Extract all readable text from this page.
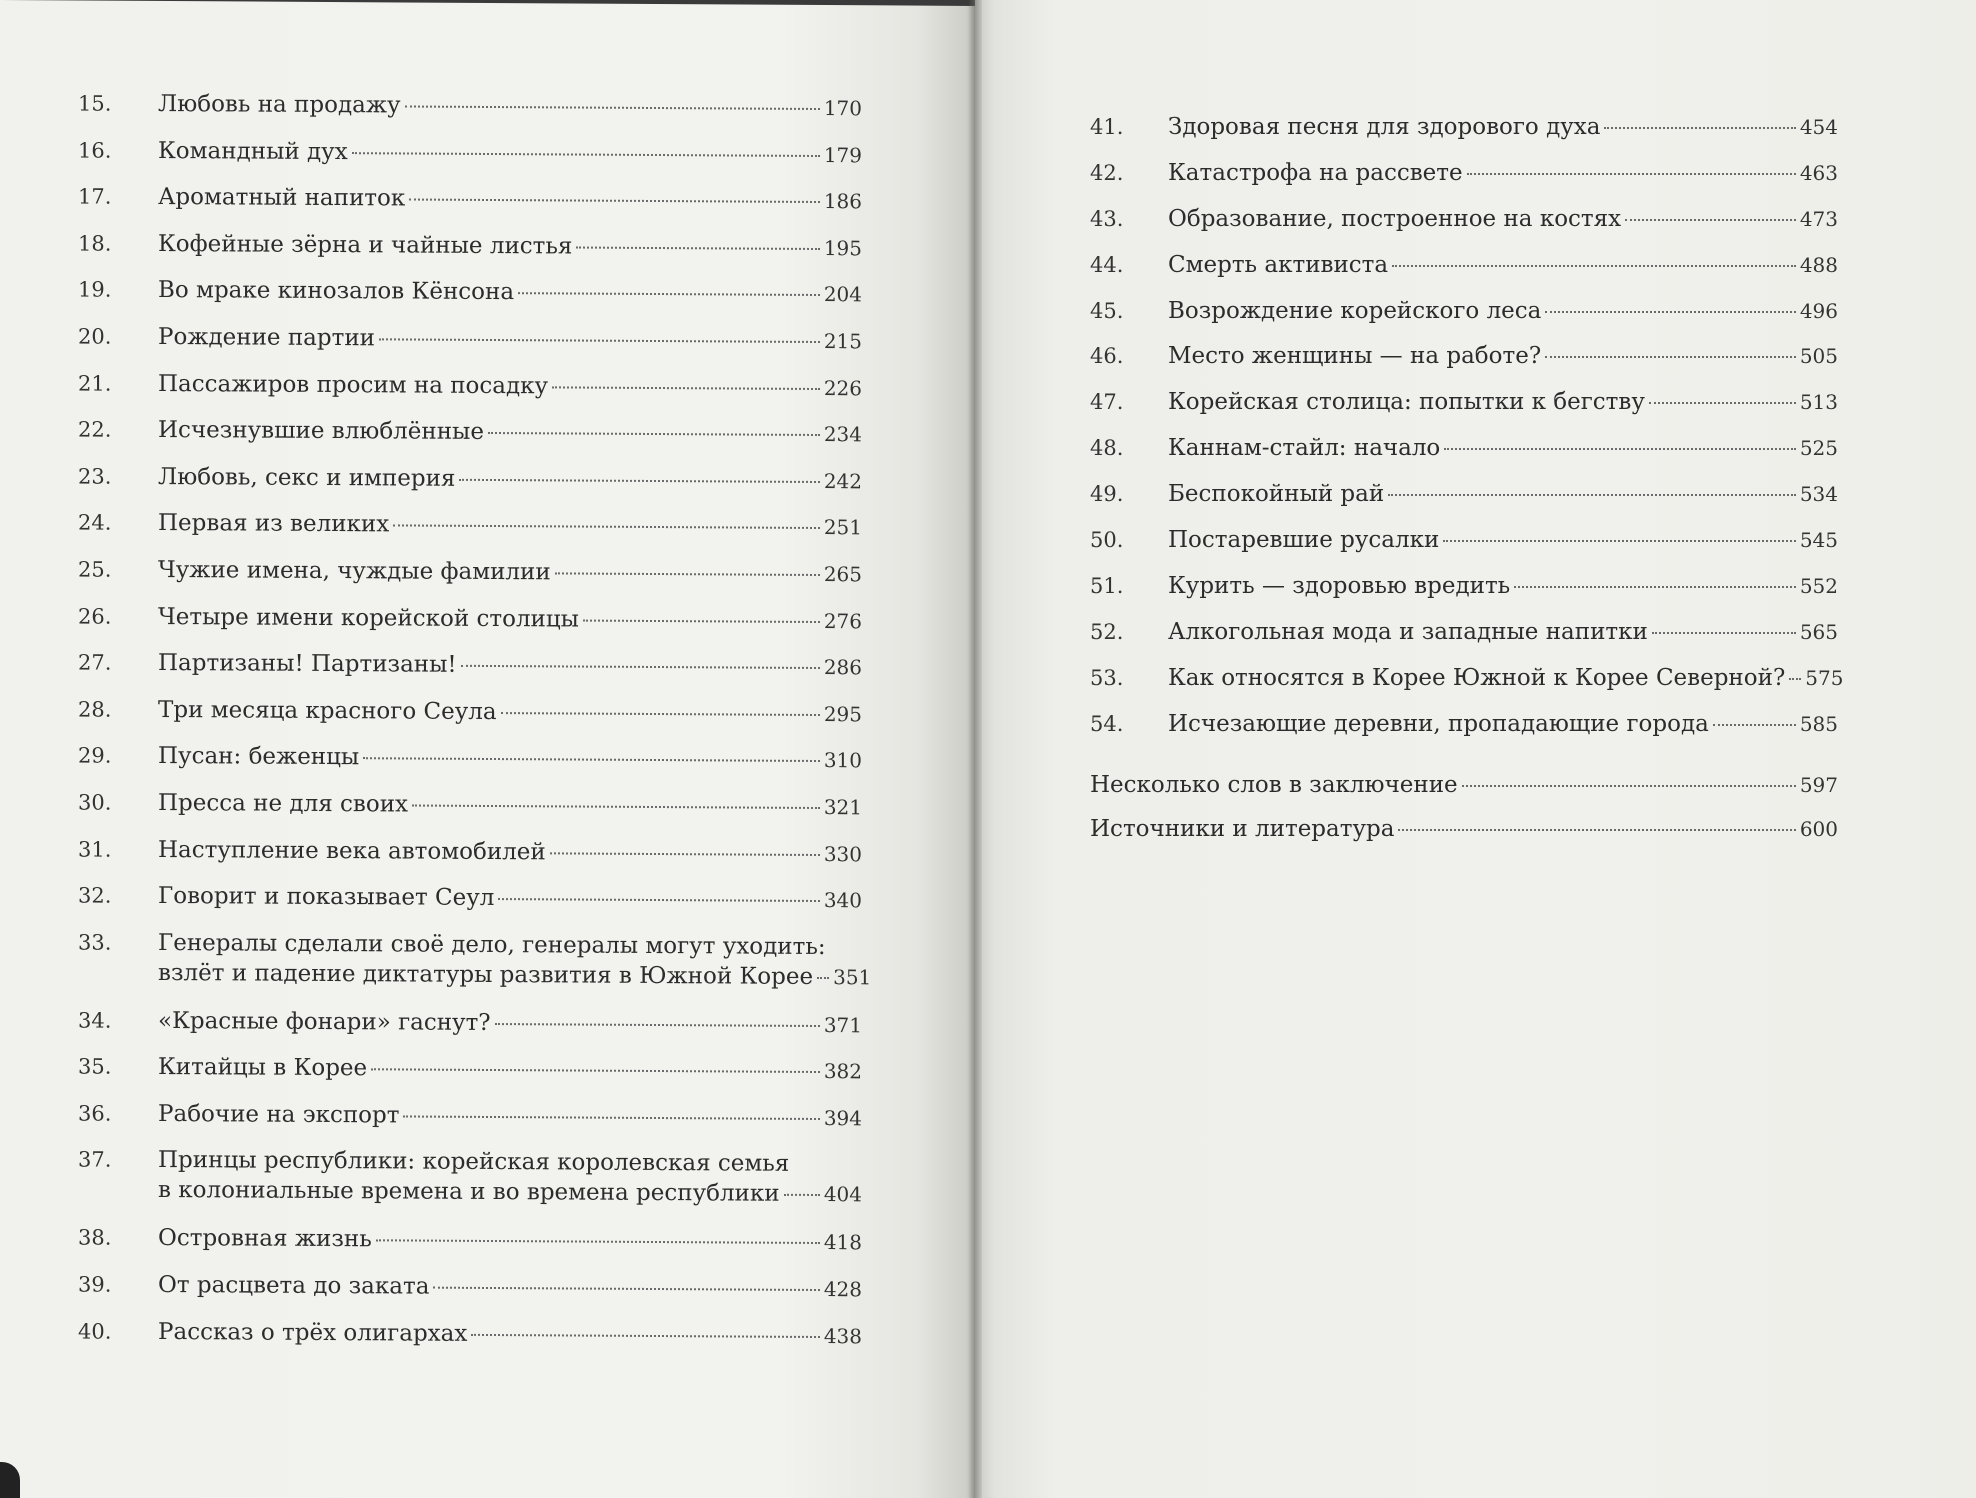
15.	Любовь на продажу	170
16.	Командный дух	179
17.	Ароматный напиток	186
18.	Кофейные зёрна и чайные листья	195
19.	Во мраке кинозалов Кёнсона	204
20.	Рождение партии	215
21.	Пассажиров просим на посадку	226
22.	Исчезнувшие влюблённые	234
23.	Любовь, секс и империя	242
24.	Первая из великих	251
25.	Чужие имена, чуждые фамилии	265
26.	Четыре имени корейской столицы	276
27.	Партизаны! Партизаны!	286
28.	Три месяца красного Сеула	295
29.	Пусан: беженцы	310
30.	Пресса не для своих	321
31.	Наступление века автомобилей	330
32.	Говорит и показывает Сеул	340
33.	Генералы сделали своё дело, генералы могут уходить:
взлёт и падение диктатуры развития в Южной Корее 351
34.	«Красные фонари» гаснут?	371
35.	Китайцы в Корее	382
36.	Рабочие на экспорт	394
37.	Принцы республики: корейская королевская семья
в колониальные времена и во времена республики 404
38.	Островная жизнь	418
39.	От расцвета до заката	428
40.	Рассказ о трёх олигархах	438
41.	Здоровая песня для здорового духа	454
42.	Катастрофа на рассвете	463
43.	Образование, построенное на костях	473
44.	Смерть активиста	488
45.	Возрождение корейского леса	496
46.	Место женщины — на работе?	505
47.	Корейская столица: попытки к бегству	513
48.	Каннам-стайл: начало	525
49.	Беспокойный рай	534
50.	Постаревшие русалки	545
51.	Курить — здоровью вредить	552
52.	Алкогольная мода и западные напитки	565
53.	Как относятся в Корее Южной к Корее Северной? 575
54.	Исчезающие деревни, пропадающие города	585
Несколько слов в заключение	597
Источники и литература	600
